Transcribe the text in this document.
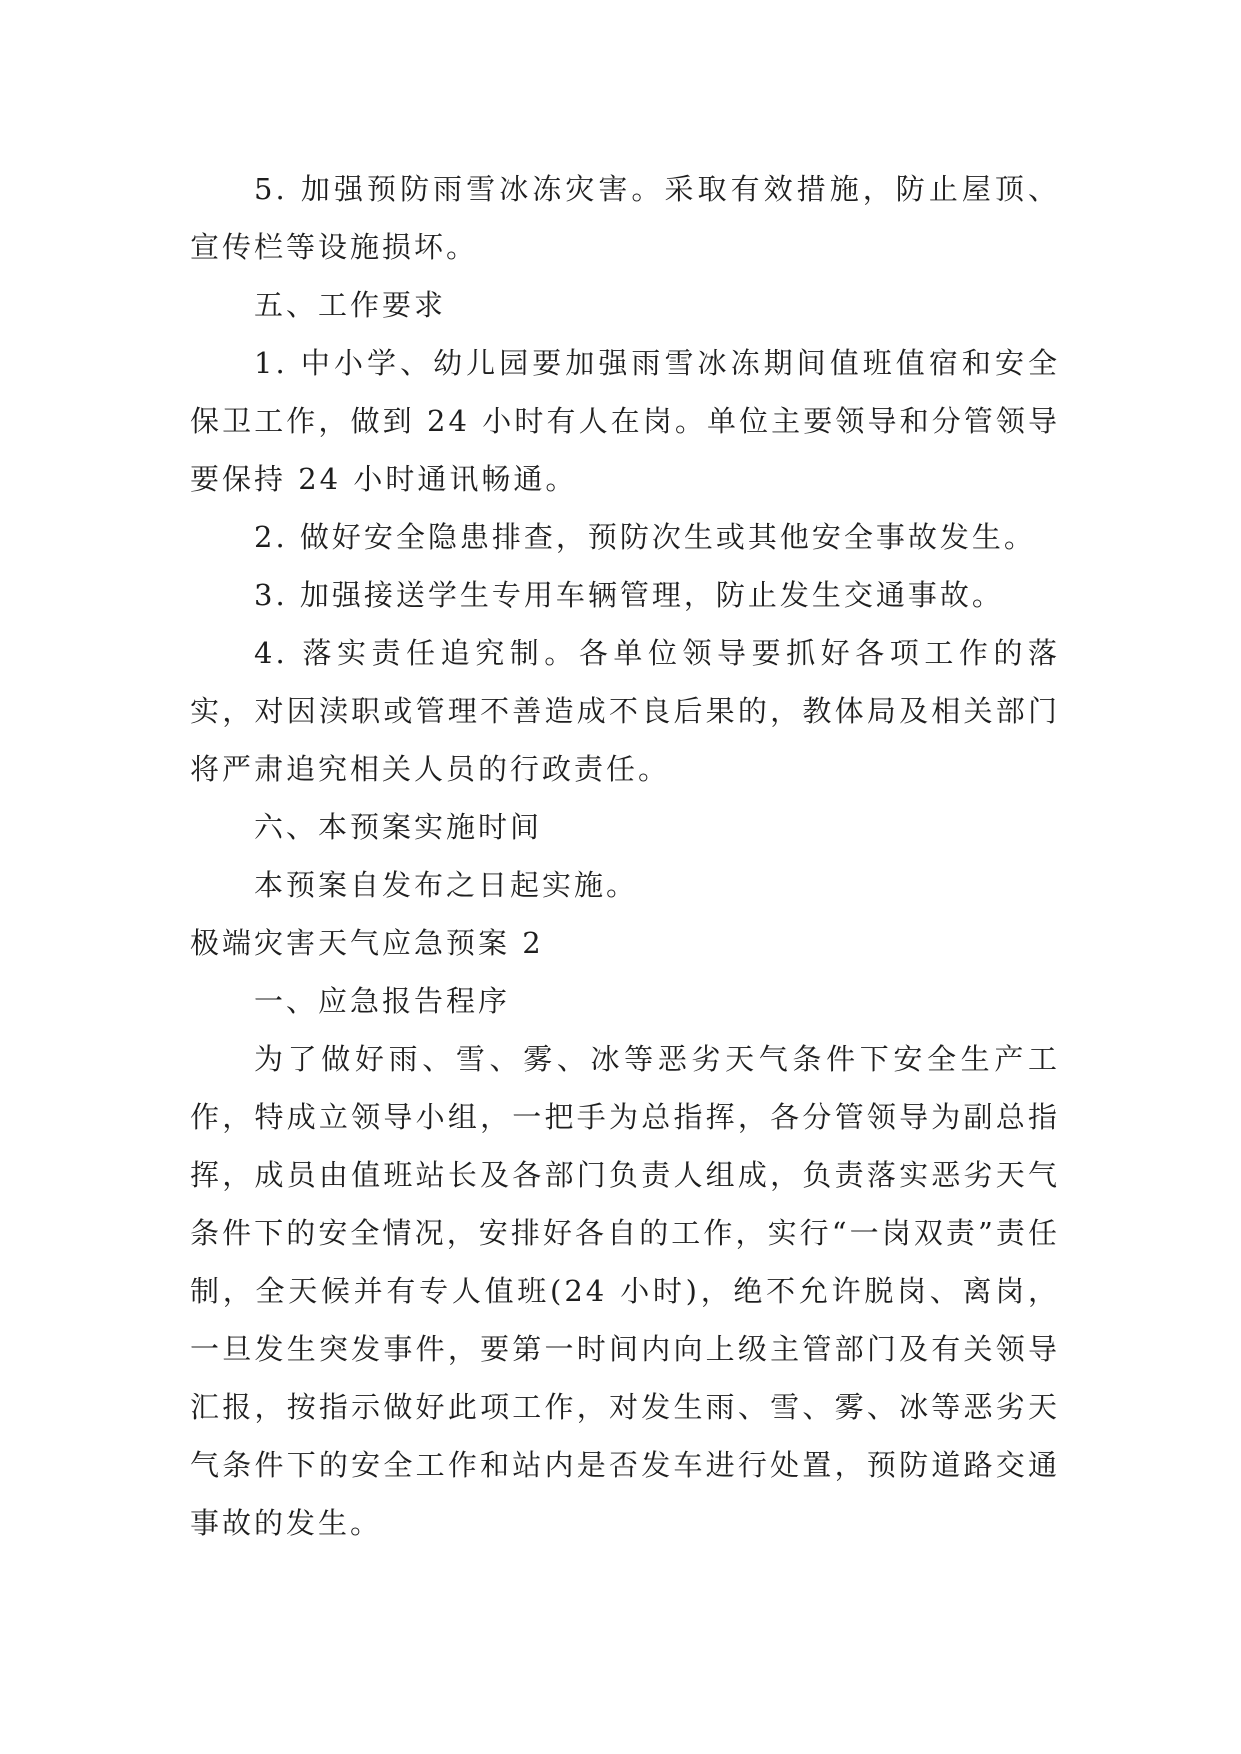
5. 加强预防雨雪冰冻灾害。采取有效措施，防止屋顶、宣传栏等设施损坏。

五、工作要求

1. 中小学、幼儿园要加强雨雪冰冻期间值班值宿和安全保卫工作，做到 24 小时有人在岗。单位主要领导和分管领导要保持 24 小时通讯畅通。

2. 做好安全隐患排查，预防次生或其他安全事故发生。

3. 加强接送学生专用车辆管理，防止发生交通事故。

4. 落实责任追究制。各单位领导要抓好各项工作的落实，对因渎职或管理不善造成不良后果的，教体局及相关部门将严肃追究相关人员的行政责任。

六、本预案实施时间

本预案自发布之日起实施。

极端灾害天气应急预案 2

一、应急报告程序

为了做好雨、雪、雾、冰等恶劣天气条件下安全生产工作，特成立领导小组，一把手为总指挥，各分管领导为副总指挥，成员由值班站长及各部门负责人组成，负责落实恶劣天气条件下的安全情况，安排好各自的工作，实行“一岗双责”责任制，全天候并有专人值班(24 小时)，绝不允许脱岗、离岗，一旦发生突发事件，要第一时间内向上级主管部门及有关领导汇报，按指示做好此项工作，对发生雨、雪、雾、冰等恶劣天气条件下的安全工作和站内是否发车进行处置，预防道路交通事故的发生。
